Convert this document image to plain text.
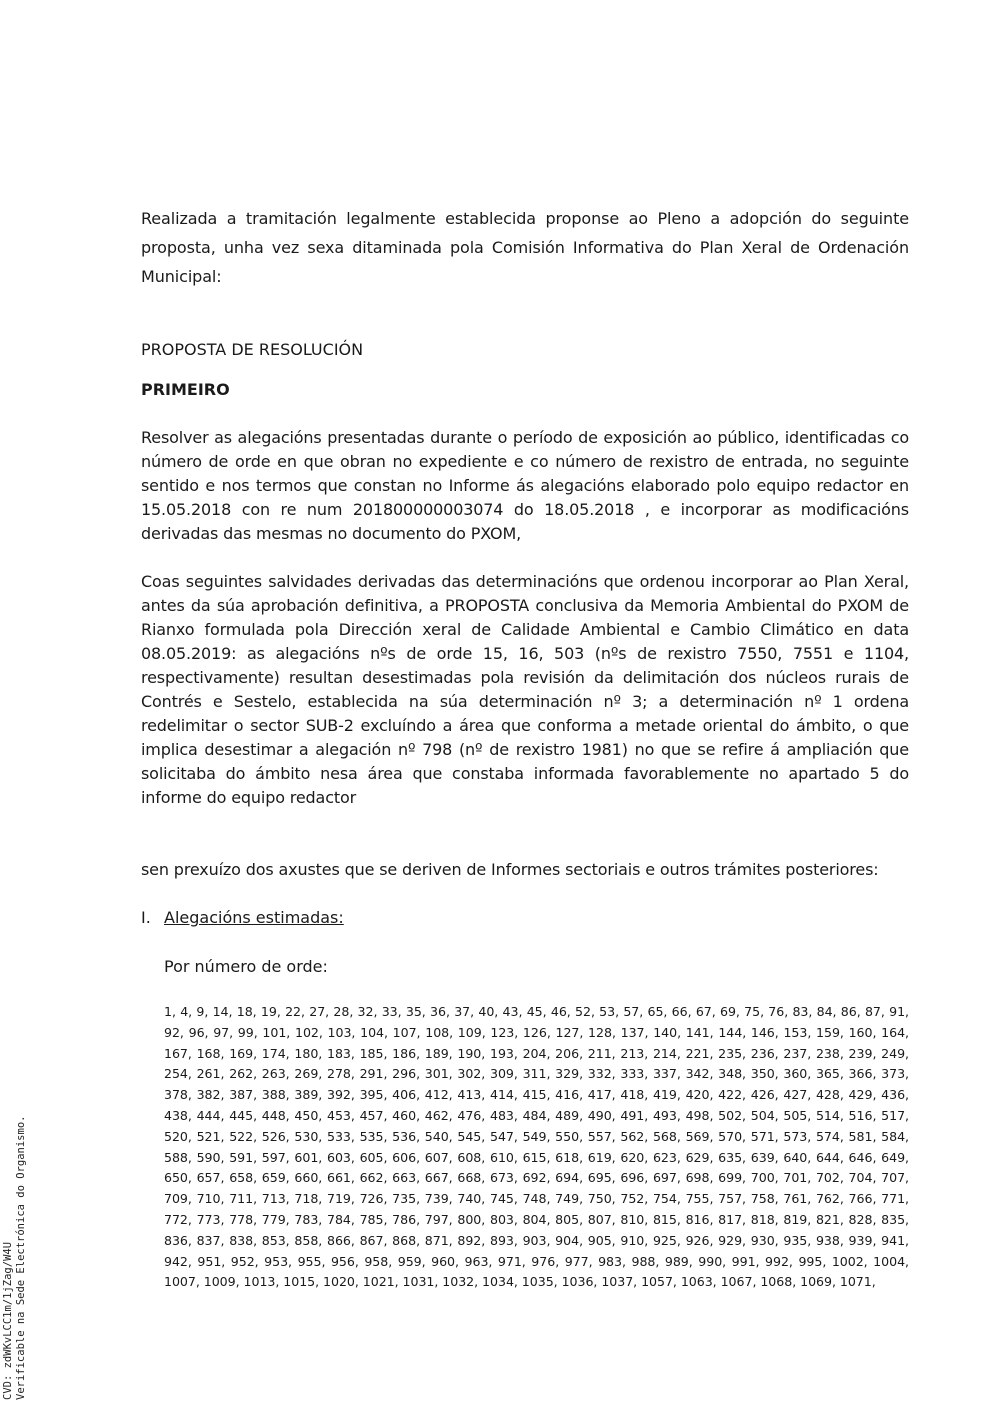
Realizada a tramitación legalmente establecida proponse ao Pleno a adopción do seguinte proposta, unha vez sexa ditaminada pola Comisión Informativa do Plan Xeral de Ordenación Municipal:

PROPOSTA DE RESOLUCIÓN

PRIMEIRO

Resolver as alegacións presentadas durante o período de exposición ao público, identificadas co número de orde en que obran no expediente e co número de rexistro de entrada, no seguinte sentido e nos termos que constan no Informe ás alegacións elaborado polo equipo redactor en 15.05.2018 con re num 201800000003074 do 18.05.2018 , e incorporar as modificacións derivadas das mesmas no documento do PXOM,

Coas seguintes salvidades derivadas das determinacións que ordenou incorporar ao Plan Xeral, antes da súa aprobación definitiva, a PROPOSTA conclusiva da Memoria Ambiental do PXOM de Rianxo formulada pola Dirección xeral de Calidade Ambiental e Cambio Climático en data 08.05.2019: as alegacións nºs de orde 15, 16, 503 (nºs de rexistro 7550, 7551 e 1104, respectivamente) resultan desestimadas pola revisión da delimitación dos núcleos rurais de Contrés e Sestelo, establecida na súa determinación nº 3; a determinación nº 1 ordena redelimitar o sector SUB-2 excluíndo a área que conforma a metade oriental do ámbito, o que implica desestimar a alegación nº 798 (nº de rexistro 1981) no que se refire á ampliación que solicitaba do ámbito nesa área que constaba informada favorablemente no apartado 5 do informe do equipo redactor

sen prexuízo dos axustes que se deriven de Informes sectoriais e outros trámites posteriores:

I. Alegacións estimadas:

Por número de orde:

1, 4, 9, 14, 18, 19, 22, 27, 28, 32, 33, 35, 36, 37, 40, 43, 45, 46, 52, 53, 57, 65, 66, 67, 69, 75, 76, 83, 84, 86, 87, 91, 92, 96, 97, 99, 101, 102, 103, 104, 107, 108, 109, 123, 126, 127, 128, 137, 140, 141, 144, 146, 153, 159, 160, 164, 167, 168, 169, 174, 180, 183, 185, 186, 189, 190, 193, 204, 206, 211, 213, 214, 221, 235, 236, 237, 238, 239, 249, 254, 261, 262, 263, 269, 278, 291, 296, 301, 302, 309, 311, 329, 332, 333, 337, 342, 348, 350, 360, 365, 366, 373, 378, 382, 387, 388, 389, 392, 395, 406, 412, 413, 414, 415, 416, 417, 418, 419, 420, 422, 426, 427, 428, 429, 436, 438, 444, 445, 448, 450, 453, 457, 460, 462, 476, 483, 484, 489, 490, 491, 493, 498, 502, 504, 505, 514, 516, 517, 520, 521, 522, 526, 530, 533, 535, 536, 540, 545, 547, 549, 550, 557, 562, 568, 569, 570, 571, 573, 574, 581, 584, 588, 590, 591, 597, 601, 603, 605, 606, 607, 608, 610, 615, 618, 619, 620, 623, 629, 635, 639, 640, 644, 646, 649, 650, 657, 658, 659, 660, 661, 662, 663, 667, 668, 673, 692, 694, 695, 696, 697, 698, 699, 700, 701, 702, 704, 707, 709, 710, 711, 713, 718, 719, 726, 735, 739, 740, 745, 748, 749, 750, 752, 754, 755, 757, 758, 761, 762, 766, 771, 772, 773, 778, 779, 783, 784, 785, 786, 797, 800, 803, 804, 805, 807, 810, 815, 816, 817, 818, 819, 821, 828, 835, 836, 837, 838, 853, 858, 866, 867, 868, 871, 892, 893, 903, 904, 905, 910, 925, 926, 929, 930, 935, 938, 939, 941, 942, 951, 952, 953, 955, 956, 958, 959, 960, 963, 971, 976, 977, 983, 988, 989, 990, 991, 992, 995, 1002, 1004, 1007, 1009, 1013, 1015, 1020, 1021, 1031, 1032, 1034, 1035, 1036, 1037, 1057, 1063, 1067, 1068, 1069, 1071,

CVD: zdWKvLCC1m/1jZag/W4U Verificable na Sede Electrónica do Organismo.
